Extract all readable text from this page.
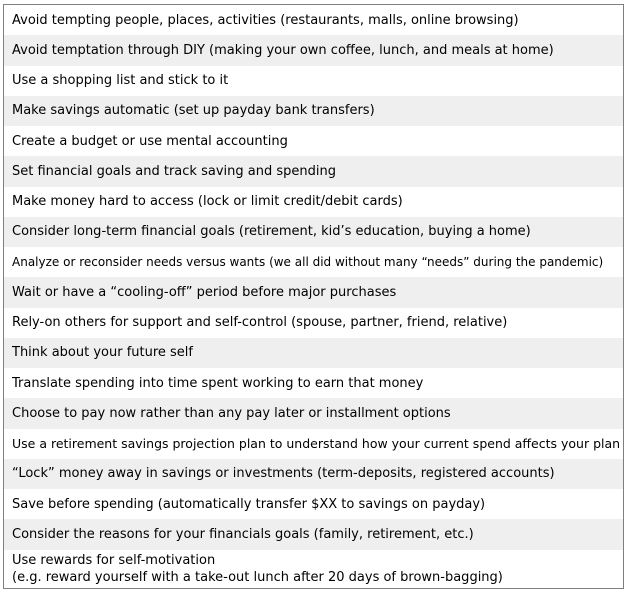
Avoid tempting people, places, activities (restaurants, malls, online browsing)
Avoid temptation through DIY (making your own coffee, lunch, and meals at home)
Use a shopping list and stick to it
Make savings automatic (set up payday bank transfers)
Create a budget or use mental accounting
Set financial goals and track saving and spending
Make money hard to access (lock or limit credit/debit cards)
Consider long-term financial goals (retirement, kid’s education, buying a home)
Analyze or reconsider needs versus wants (we all did without many “needs” during the pandemic)
Wait or have a “cooling-off” period before major purchases
Rely-on others for support and self-control (spouse, partner, friend, relative)
Think about your future self
Translate spending into time spent working to earn that money
Choose to pay now rather than any pay later or installment options
Use a retirement savings projection plan to understand how your current spend affects your plan
“Lock” money away in savings or investments (term-deposits, registered accounts)
Save before spending (automatically transfer $XX to savings on payday)
Consider the reasons for your financials goals (family, retirement, etc.)
Use rewards for self-motivation
(e.g. reward yourself with a take-out lunch after 20 days of brown-bagging)
